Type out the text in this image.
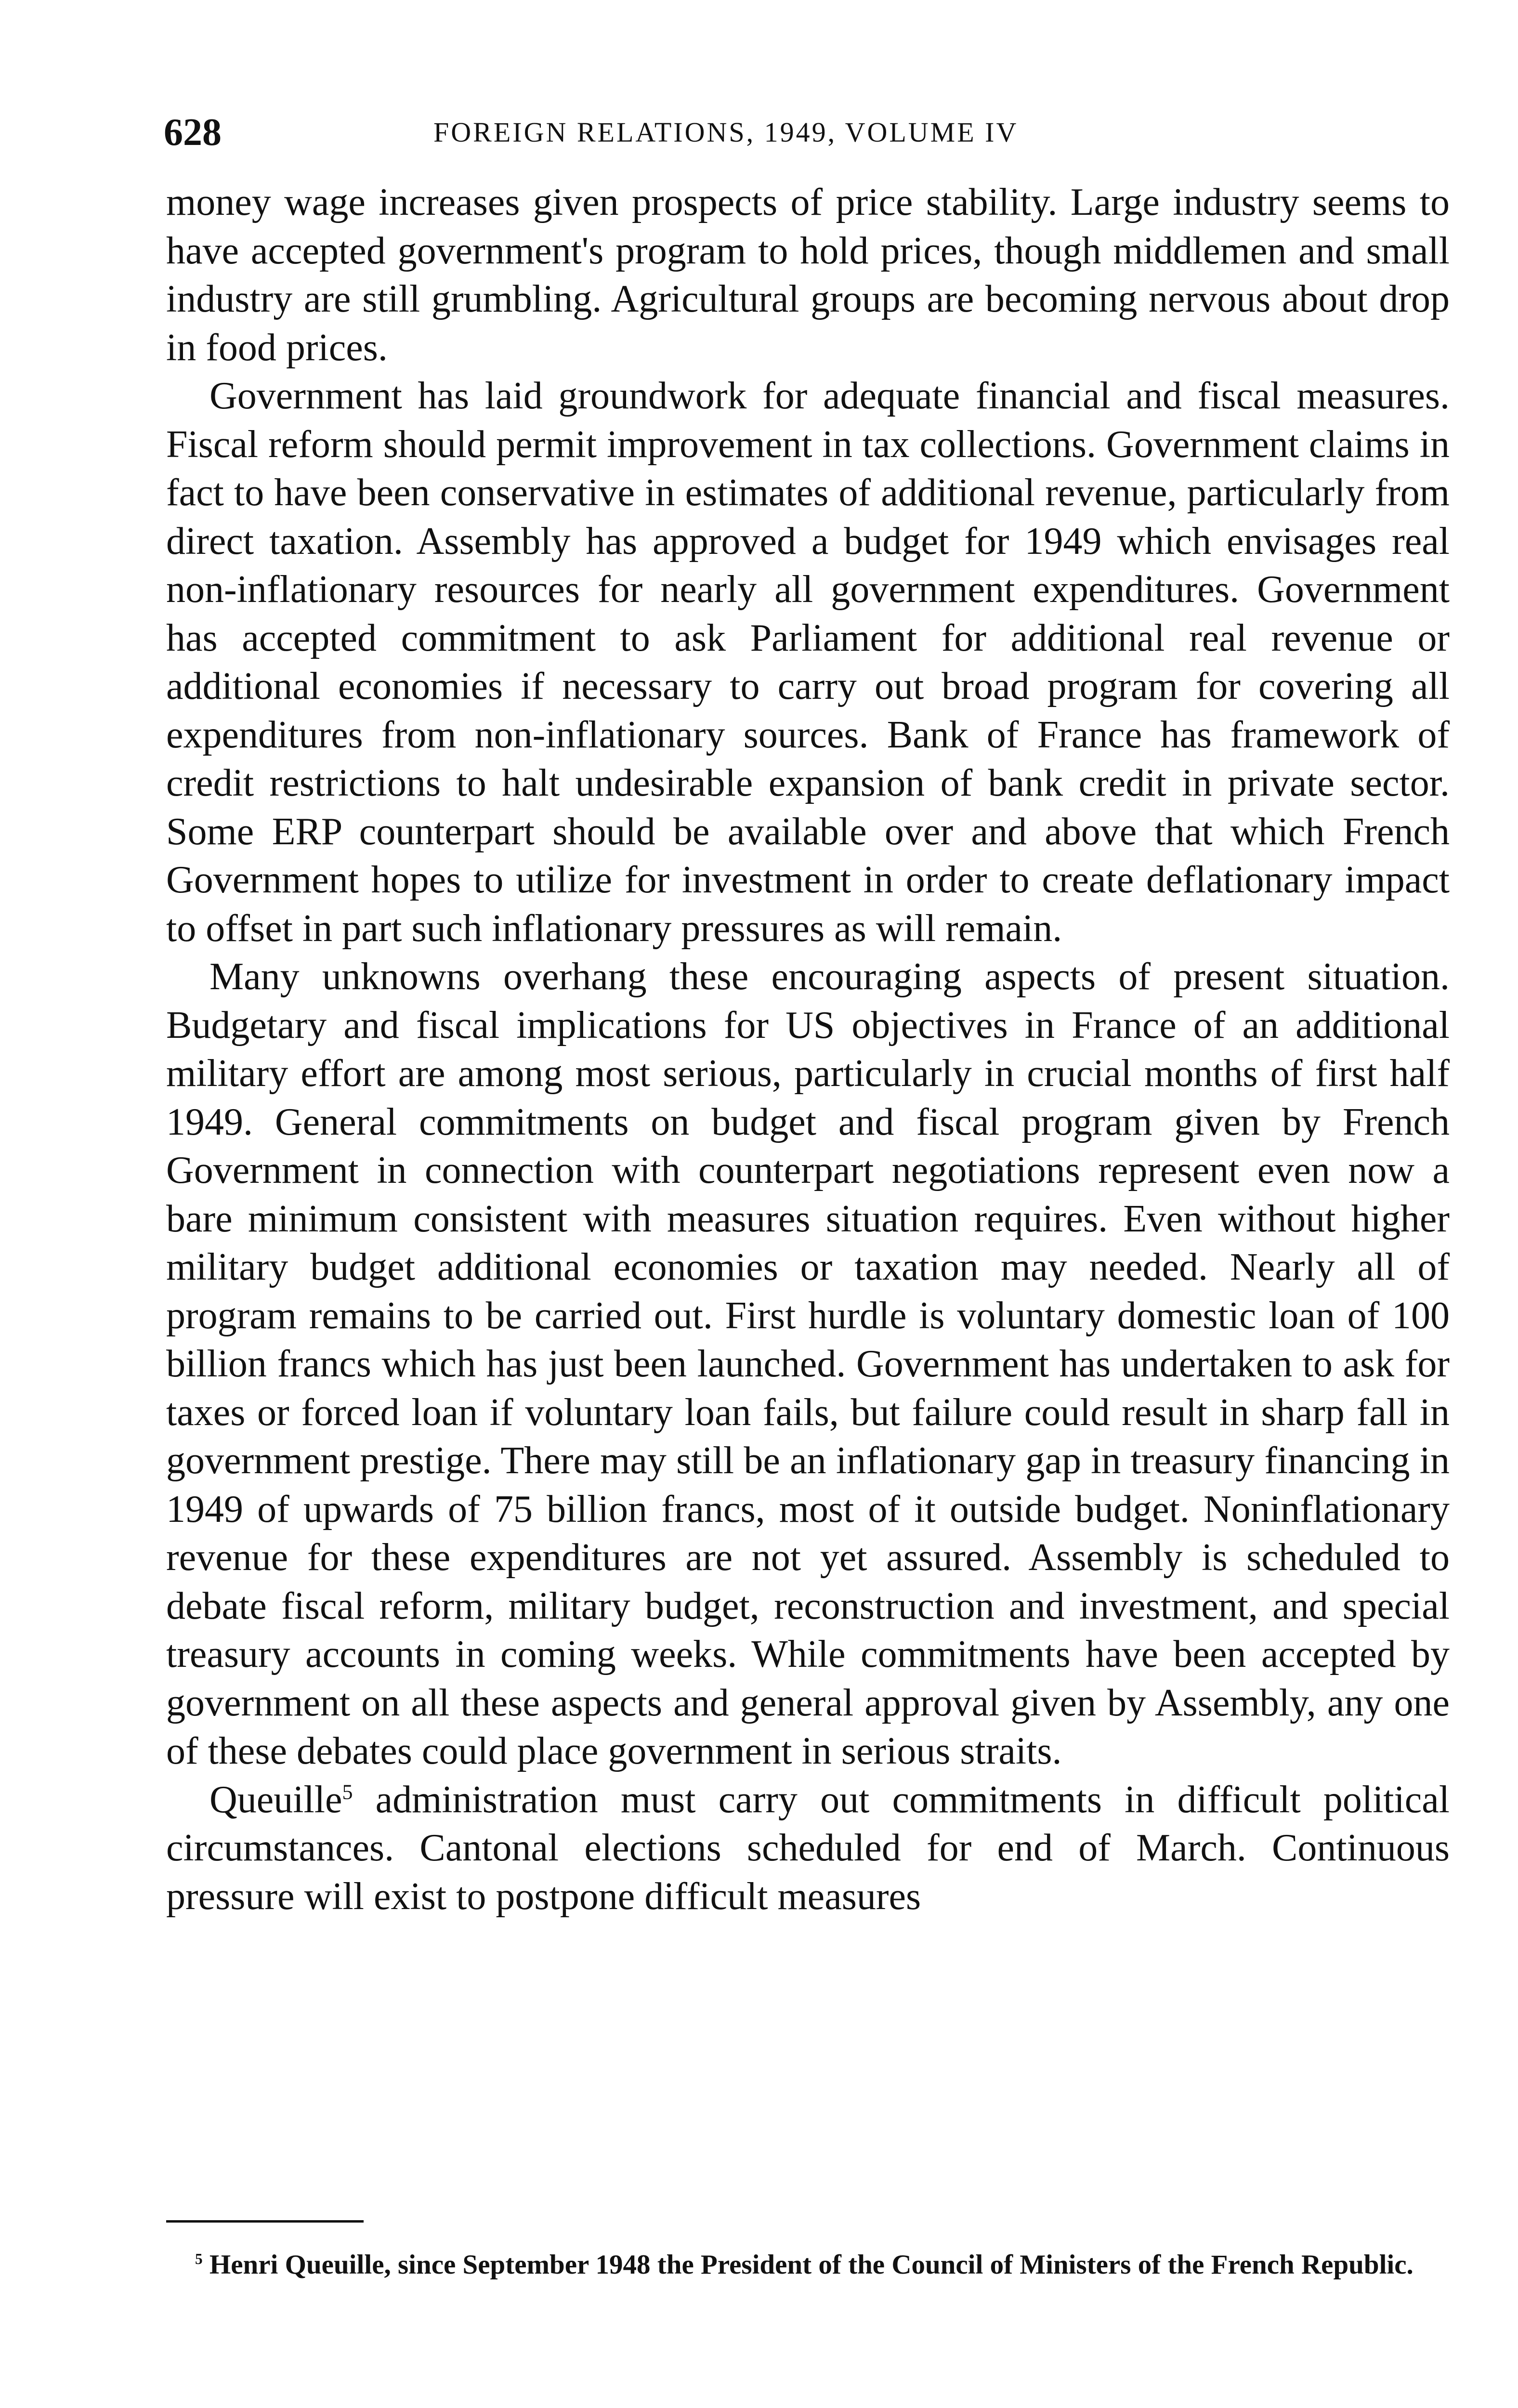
628	FOREIGN RELATIONS, 1949, VOLUME IV

money wage increases given prospects of price stability. Large industry seems to have accepted government's program to hold prices, though middlemen and small industry are still grumbling. Agricultural groups are becoming nervous about drop in food prices.

Government has laid groundwork for adequate financial and fiscal measures. Fiscal reform should permit improvement in tax collections. Government claims in fact to have been conservative in estimates of additional revenue, particularly from direct taxation. Assembly has approved a budget for 1949 which envisages real non-inflationary resources for nearly all government expenditures. Government has accepted commitment to ask Parliament for additional real revenue or additional economies if necessary to carry out broad program for covering all expenditures from non-inflationary sources. Bank of France has framework of credit restrictions to halt undesirable expansion of bank credit in private sector. Some ERP counterpart should be available over and above that which French Government hopes to utilize for investment in order to create deflationary impact to offset in part such inflationary pressures as will remain.

Many unknowns overhang these encouraging aspects of present situation. Budgetary and fiscal implications for US objectives in France of an additional military effort are among most serious, particularly in crucial months of first half 1949. General commitments on budget and fiscal program given by French Government in connection with counterpart negotiations represent even now a bare minimum consistent with measures situation requires. Even without higher military budget additional economies or taxation may needed. Nearly all of program remains to be carried out. First hurdle is voluntary domestic loan of 100 billion francs which has just been launched. Government has undertaken to ask for taxes or forced loan if voluntary loan fails, but failure could result in sharp fall in government prestige. There may still be an inflationary gap in treasury financing in 1949 of upwards of 75 billion francs, most of it outside budget. Noninflationary revenue for these expenditures are not yet assured. Assembly is scheduled to debate fiscal reform, military budget, reconstruction and investment, and special treasury accounts in coming weeks. While commitments have been accepted by government on all these aspects and general approval given by Assembly, any one of these debates could place government in serious straits.

Queuille$^5$ administration must carry out commitments in difficult political circumstances. Cantonal elections scheduled for end of March. Continuous pressure will exist to postpone difficult measures

$^5$ Henri Queuille, since September 1948 the President of the Council of Ministers of the French Republic.
